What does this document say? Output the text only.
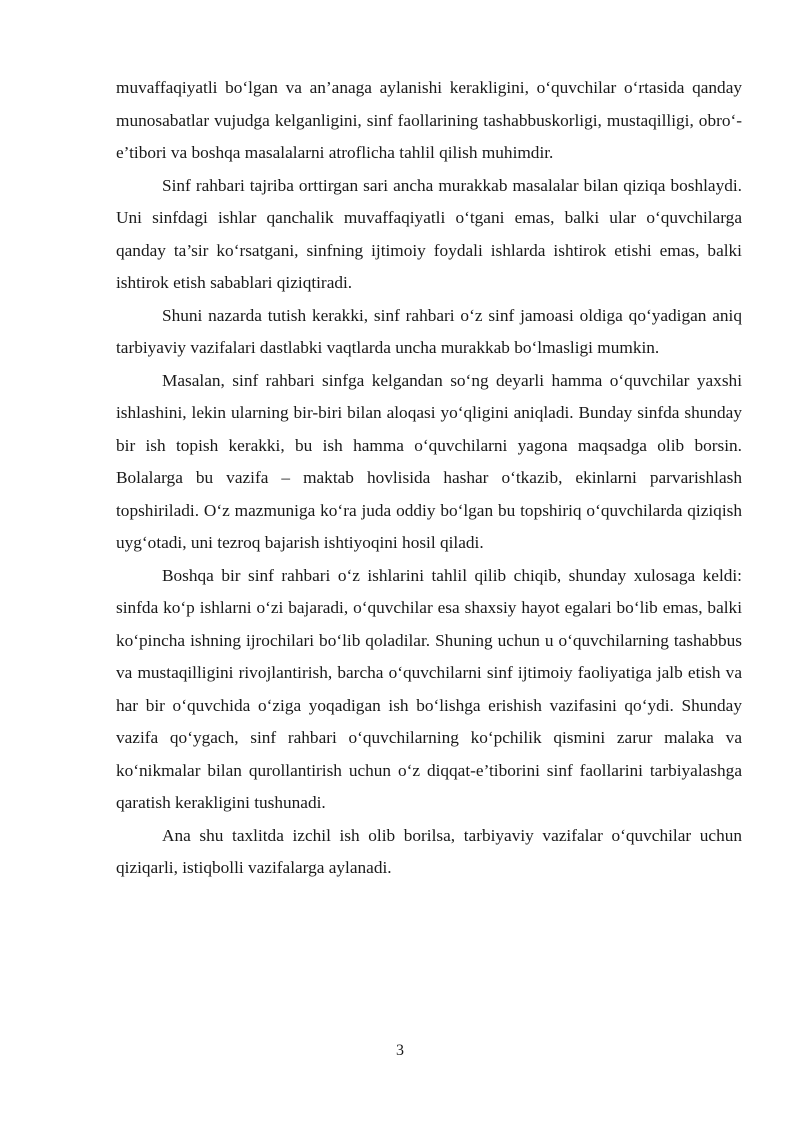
muvaffaqiyatli bo‘lgan va an’anaga aylanishi kerakligini, o‘quvchilar o‘rtasida qanday munosabatlar vujudga kelganligini, sinf faollarining tashabbuskorligi, mustaqilligi, obro‘-e’tibori va boshqa masalalarni atroflicha tahlil qilish muhimdir.

Sinf rahbari tajriba orttirgan sari ancha murakkab masalalar bilan qiziqa boshlaydi. Uni sinfdagi ishlar qanchalik muvaffaqiyatli o‘tgani emas, balki ular o‘quvchilarga qanday ta’sir ko‘rsatgani, sinfning ijtimoiy foydali ishlarda ishtirok etishi emas, balki ishtirok etish sabablari qiziqtiradi.

Shuni nazarda tutish kerakki, sinf rahbari o‘z sinf jamoasi oldiga qo‘yadigan aniq tarbiyaviy vazifalari dastlabki vaqtlarda uncha murakkab bo‘lmasligi mumkin.

Masalan, sinf rahbari sinfga kelgandan so‘ng deyarli hamma o‘quvchilar yaxshi ishlashini, lekin ularning bir-biri bilan aloqasi yo‘qligini aniqladi. Bunday sinfda shunday bir ish topish kerakki, bu ish hamma o‘quvchilarni yagona maqsadga olib borsin. Bolalarga bu vazifa – maktab hovlisida hashar o‘tkazib, ekinlarni parvarishlash topshiriladi. O‘z mazmuniga ko‘ra juda oddiy bo‘lgan bu topshiriq o‘quvchilarda qiziqish uyg‘otadi, uni tezroq bajarish ishtiyoqini hosil qiladi.

Boshqa bir sinf rahbari o‘z ishlarini tahlil qilib chiqib, shunday xulosaga keldi: sinfda ko‘p ishlarni o‘zi bajaradi, o‘quvchilar esa shaxsiy hayot egalari bo‘lib emas, balki ko‘pincha ishning ijrochilari bo‘lib qoladilar. Shuning uchun u o‘quvchilarning tashabbus va mustaqilligini rivojlantirish, barcha o‘quvchilarni sinf ijtimoiy faoliyatiga jalb etish va har bir o‘quvchida o‘ziga yoqadigan ish bo‘lishga erishish vazifasini qo‘ydi. Shunday vazifa qo‘ygach, sinf rahbari o‘quvchilarning ko‘pchilik qismini zarur malaka va ko‘nikmalar bilan qurollantirish uchun o‘z diqqat-e’tiborini sinf faollarini tarbiyalashga qaratish kerakligini tushunadi.

Ana shu taxlitda izchil ish olib borilsa, tarbiyaviy vazifalar o‘quvchilar uchun qiziqarli, istiqbolli vazifalarga aylanadi.

3
